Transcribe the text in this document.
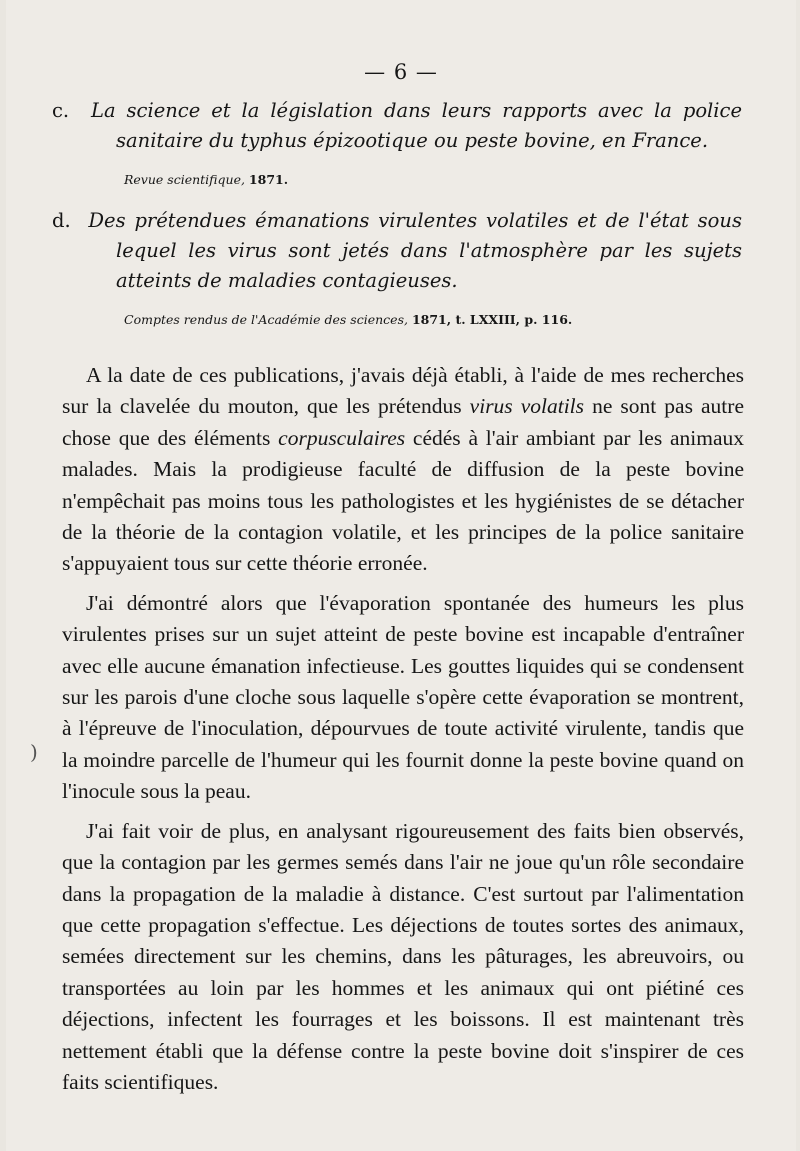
— 6 —

c. La science et la législation dans leurs rapports avec la police sanitaire du typhus épizootique ou peste bovine, en France.

Revue scientifique, 1871.

d. Des prétendues émanations virulentes volatiles et de l'état sous lequel les virus sont jetés dans l'atmosphère par les sujets atteints de maladies contagieuses.

Comptes rendus de l'Académie des sciences, 1871, t. LXXIII, p. 116.

A la date de ces publications, j'avais déjà établi, à l'aide de mes recherches sur la clavelée du mouton, que les prétendus virus volatils ne sont pas autre chose que des éléments corpusculaires cédés à l'air ambiant par les animaux malades. Mais la prodigieuse faculté de diffusion de la peste bovine n'empêchait pas moins tous les pathologistes et les hygiénistes de se détacher de la théorie de la contagion volatile, et les principes de la police sanitaire s'appuyaient tous sur cette théorie erronée.

J'ai démontré alors que l'évaporation spontanée des humeurs les plus virulentes prises sur un sujet atteint de peste bovine est incapable d'entraîner avec elle aucune émanation infectieuse. Les gouttes liquides qui se condensent sur les parois d'une cloche sous laquelle s'opère cette évaporation se montrent, à l'épreuve de l'inoculation, dépourvues de toute activité virulente, tandis que la moindre parcelle de l'humeur qui les fournit donne la peste bovine quand on l'inocule sous la peau.

J'ai fait voir de plus, en analysant rigoureusement des faits bien observés, que la contagion par les germes semés dans l'air ne joue qu'un rôle secondaire dans la propagation de la maladie à distance. C'est surtout par l'alimentation que cette propagation s'effectue. Les déjections de toutes sortes des animaux, semées directement sur les chemins, dans les pâturages, les abreuvoirs, ou transportées au loin par les hommes et les animaux qui ont piétiné ces déjections, infectent les fourrages et les boissons. Il est maintenant très nettement établi que la défense contre la peste bovine doit s'inspirer de ces faits scientifiques.

)
